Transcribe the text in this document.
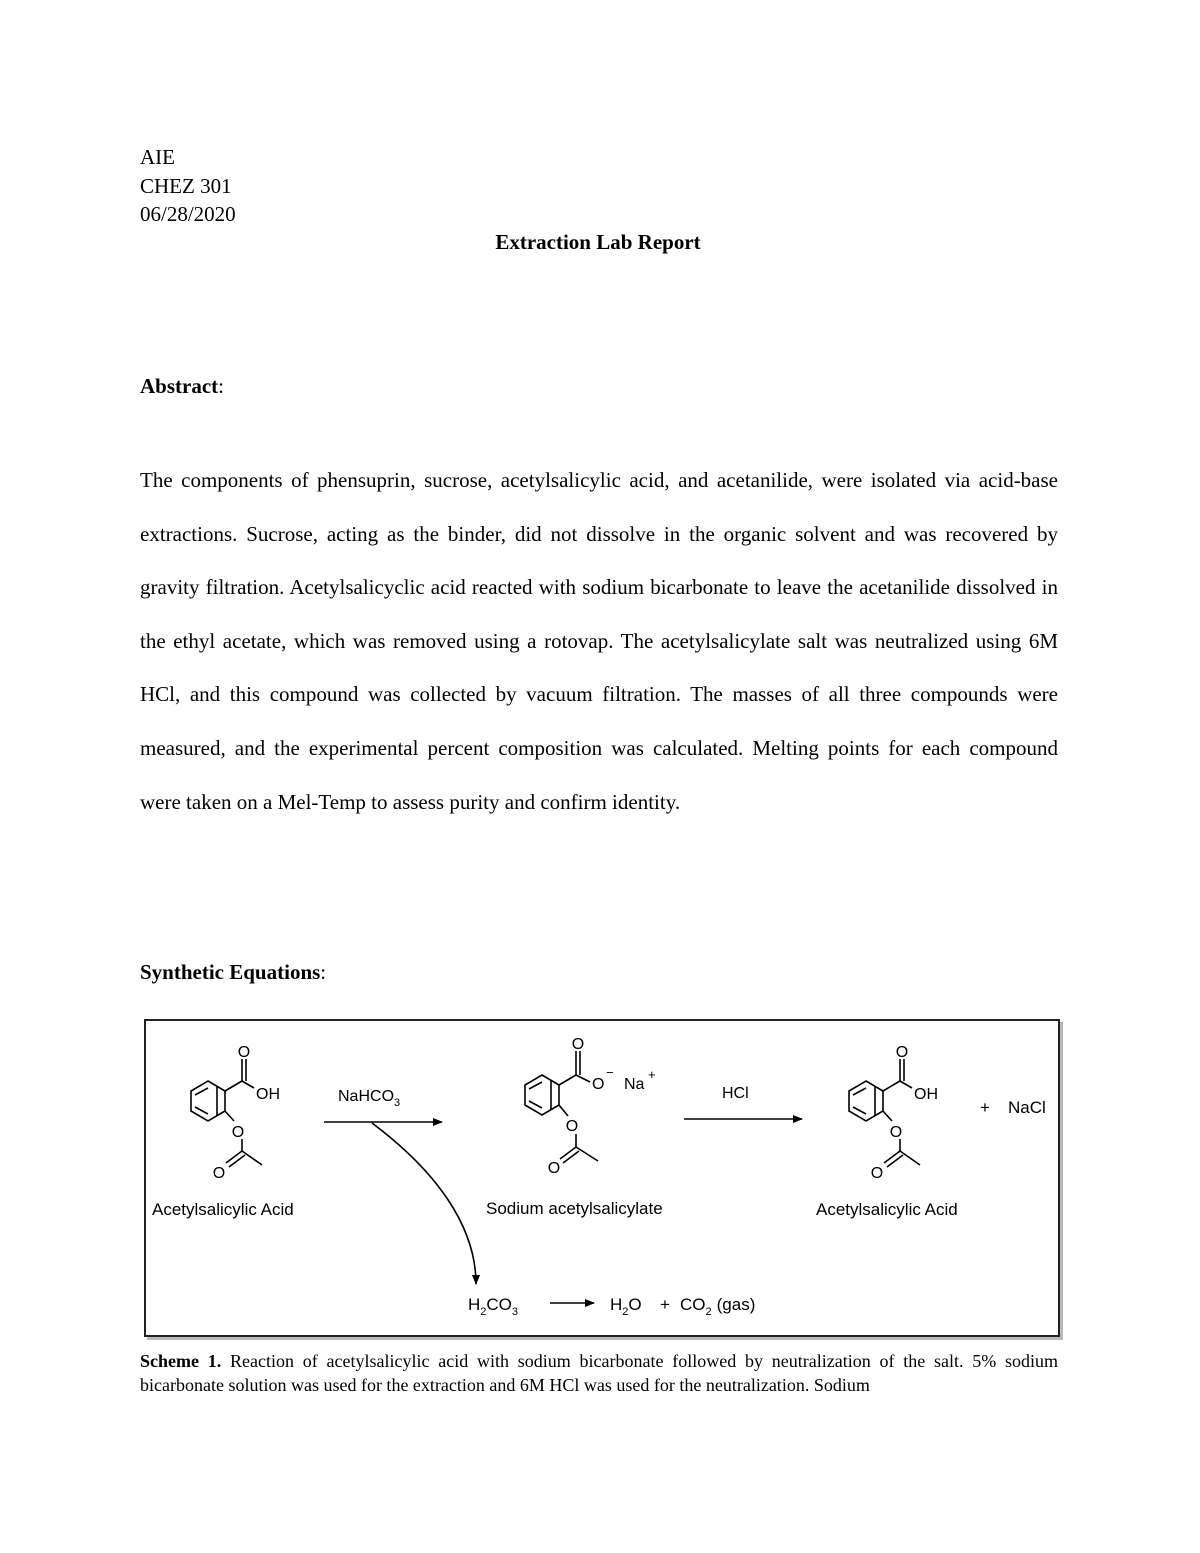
AIE
CHEZ 301
06/28/2020
Extraction Lab Report
Abstract:
The components of phensuprin, sucrose, acetylsalicylic acid, and acetanilide, were isolated via acid-base extractions. Sucrose, acting as the binder, did not dissolve in the organic solvent and was recovered by gravity filtration. Acetylsalicyclic acid reacted with sodium bicarbonate to leave the acetanilide dissolved in the ethyl acetate, which was removed using a rotovap. The acetylsalicylate salt was neutralized using 6M HCl, and this compound was collected by vacuum filtration. The masses of all three compounds were measured, and the experimental percent composition was calculated. Melting points for each compound were taken on a Mel-Temp to assess purity and confirm identity.
Synthetic Equations:
O
OH
O
O
Acetylsalicylic Acid
NaHCO$_3$
O
O
−
Na
+
O
O
Sodium acetylsalicylate
HCl
O
OH
O
O
Acetylsalicylic Acid
+ NaCl
$H_2CO_3$	$H_2O + CO_2$ (gas)
Scheme 1. Reaction of acetylsalicylic acid with sodium bicarbonate followed by neutralization of the salt. 5% sodium bicarbonate solution was used for the extraction and 6M HCl was used for the neutralization. Sodium
